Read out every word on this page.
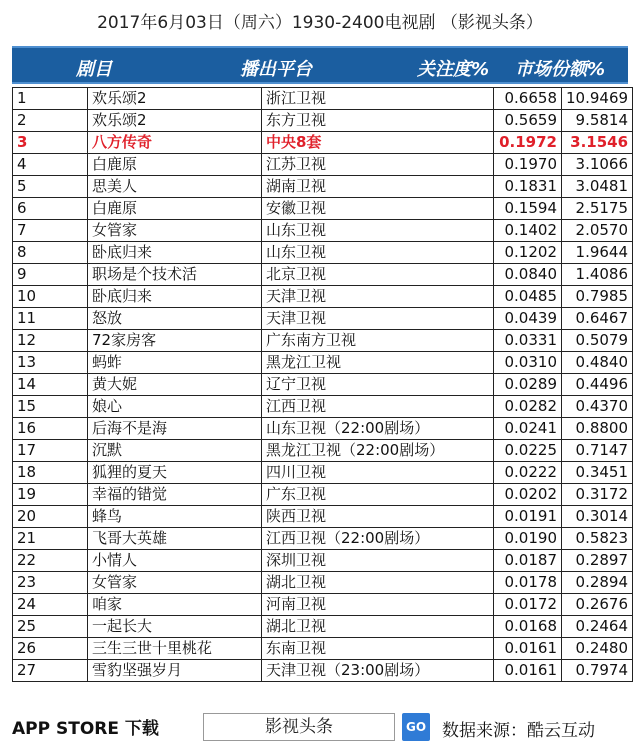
2017年6月03日（周六）1930-2400电视剧 （影视头条）
剧目	播出平台	关注度% 市场份额%
1	欢乐颂2	浙江卫视	0.6658	10.9469
2	欢乐颂2	东方卫视	0.5659	9.5814
3	八方传奇	中央8套	0.1972	3.1546
4	白鹿原	江苏卫视	0.1970	3.1066
5	思美人	湖南卫视	0.1831	3.0481
6	白鹿原	安徽卫视	0.1594	2.5175
7	女管家	山东卫视	0.1402	2.0570
8	卧底归来	山东卫视	0.1202	1.9644
9	职场是个技术活	北京卫视	0.0840	1.4086
10	卧底归来	天津卫视	0.0485	0.7985
11	怒放	天津卫视	0.0439	0.6467
12	72家房客	广东南方卫视	0.0331	0.5079
13	蚂蚱	黑龙江卫视	0.0310	0.4840
14	黄大妮	辽宁卫视	0.0289	0.4496
15	娘心	江西卫视	0.0282	0.4370
16	后海不是海	山东卫视（22:00剧场）	0.0241	0.8800
17	沉默	黑龙江卫视（22:00剧场）	0.0225	0.7147
18	狐狸的夏天	四川卫视	0.0222	0.3451
19	幸福的错觉	广东卫视	0.0202	0.3172
20	蜂鸟	陕西卫视	0.0191	0.3014
21	飞哥大英雄	江西卫视（22:00剧场）	0.0190	0.5823
22	小情人	深圳卫视	0.0187	0.2897
23	女管家	湖北卫视	0.0178	0.2894
24	咱家	河南卫视	0.0172	0.2676
25	一起长大	湖北卫视	0.0168	0.2464
26	三生三世十里桃花	东南卫视	0.0161	0.2480
27	雪豹坚强岁月	天津卫视（23:00剧场）	0.0161	0.7974
APP STORE 下载	影视头条	GO 数据来源：酷云互动
